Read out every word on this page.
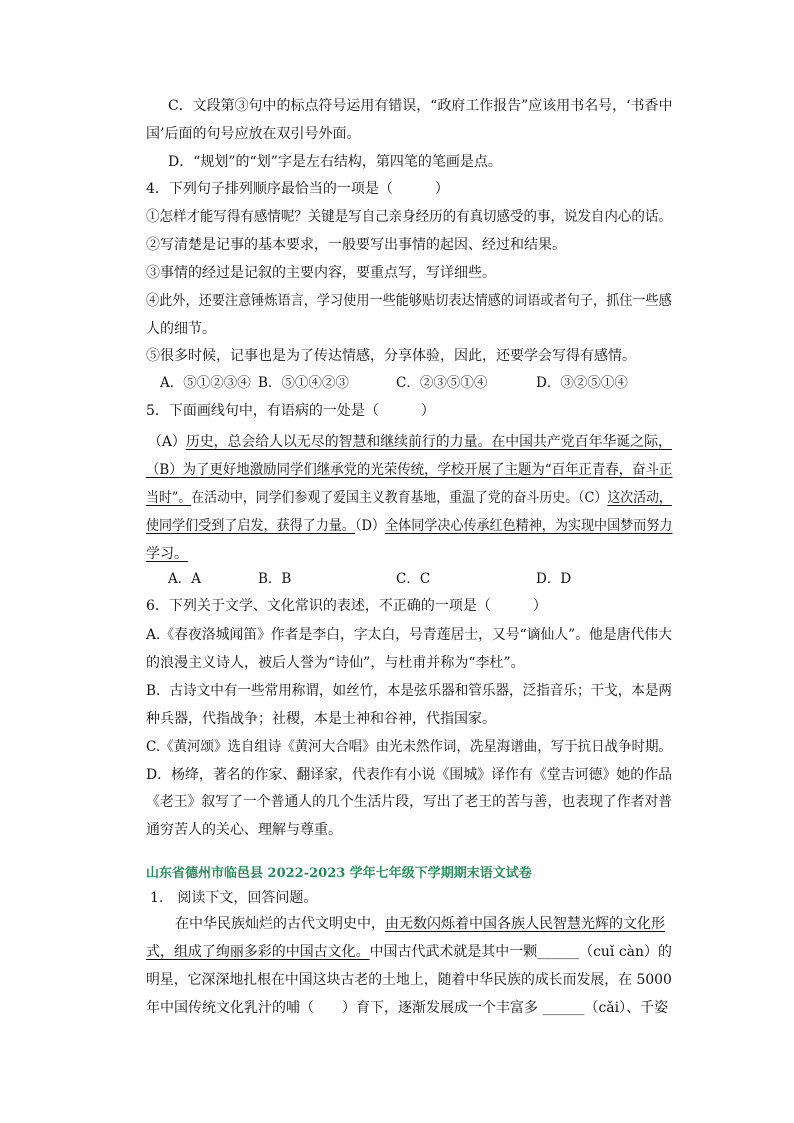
C．文段第③句中的标点符号运用有错误，“政府工作报告”应该用书名号，‘书香中
国’后面的句号应放在双引号外面。
D．“规划”的“划”字是左右结构，第四笔的笔画是点。
4．下列句子排列顺序最恰当的一项是（　　　）
①怎样才能写得有感情呢？关键是写自己亲身经历的有真切感受的事，说发自内心的话。
②写清楚是记事的基本要求，一般要写出事情的起因、经过和结果。
③事情的经过是记叙的主要内容，要重点写，写详细些。
④此外，还要注意锤炼语言，学习使用一些能够贴切表达情感的词语或者句子，抓住一些感
人的细节。
⑤很多时候，记事也是为了传达情感，分享体验，因此，还要学会写得有感情。
A．⑤①②③④ B．⑤①④②③	C．②③⑤①④	D．③②⑤①④
5．下面画线句中，有语病的一处是（　　　）
（A）历史，总会给人以无尽的智慧和继续前行的力量。在中国共产党百年华诞之际，
（B）为了更好地激励同学们继承党的光荣传统，学校开展了主题为“百年正青春，奋斗正
当时”。在活动中，同学们参观了爱国主义教育基地，重温了党的奋斗历史。（C）这次活动，
使同学们受到了启发，获得了力量。（D）全体同学决心传承红色精神，为实现中国梦而努力
学习。
A．A	B．B	C．C	D．D
6．下列关于文学、文化常识的表述，不正确的一项是（　　　）
A.《春夜洛城闻笛》作者是李白，字太白，号青莲居士，又号“谪仙人”。他是唐代伟大
的浪漫主义诗人，被后人誉为“诗仙”，与杜甫并称为“李杜”。
B．古诗文中有一些常用称谓，如丝竹，本是弦乐器和管乐器，泛指音乐；干戈，本是两
种兵器，代指战争；社稷，本是土神和谷神，代指国家。
C.《黄河颂》选自组诗《黄河大合唱》由光未然作词，冼星海谱曲，写于抗日战争时期。
D．杨绛，著名的作家、翻译家，代表作有小说《围城》译作有《堂吉诃德》她的作品
《老王》叙写了一个普通人的几个生活片段，写出了老王的苦与善，也表现了作者对普
通穷苦人的关心、理解与尊重。
山东省德州市临邑县 2022-2023 学年七年级下学期期末语文试卷
1.　阅读下文，回答问题。
在中华民族灿烂的古代文明史中，由无数闪烁着中国各族人民智慧光辉的文化形
式，组成了绚丽多彩的中国古文化。中国古代武术就是其中一颗______（cuǐ càn）的
明星，它深深地扎根在中国这块古老的土地上，随着中华民族的成长而发展，在 5000
年中国传统文化乳汁的哺（　　）育下，逐渐发展成一个丰富多 ______（cǎi）、千姿
